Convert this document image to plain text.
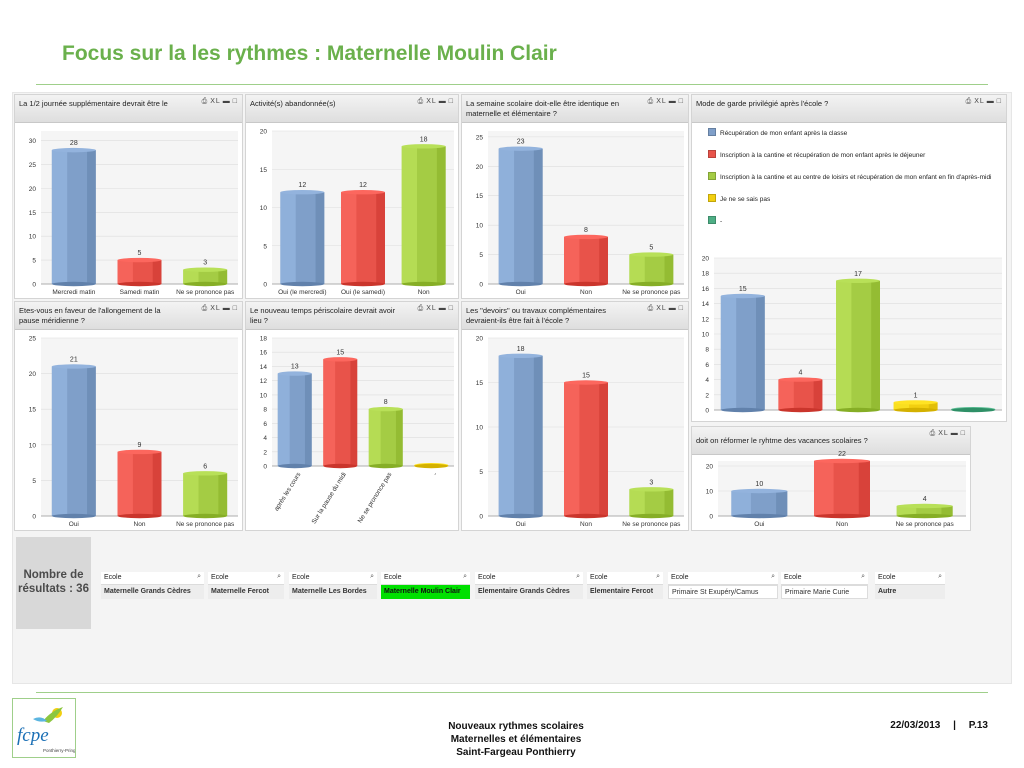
Focus sur la les rythmes : Maternelle Moulin Clair
La 1/2 journée supplémentaire devrait être le	⎙ XL ▬ □
0
5
10
15
20
25
30	28
Mercredi matin
5
Samedi matin
3
Ne se prononce pas
Activité(s) abandonnée(s)	⎙ XL ▬ □
0
5
10
15
20
12
Oui (le mercredi)
12
Oui (le samedi)
18
Non
La semaine scolaire doit-elle être identique en maternelle et élémentaire ?
⎙ XL ▬ □
0
5
10
15
20
25
23
Oui
8
Non
5
Ne se prononce pas
Mode de garde privilégié après l'école ?	⎙ XL ▬ □
Récupération de mon enfant après la classe
Inscription à la cantine et récupération de mon enfant après le déjeuner
Inscription à la cantine et au centre de loisirs et récupération de mon enfant en fin d'après-midi
Je ne se sais pas
-
0
2
4
6
8
10
12
14
16
18
20
15
4
17
1
Etes-vous en faveur de l'allongement de la pause méridienne ?
⎙ XL ▬ □
0
5
10
15
20
25
21
Oui
9
Non
6
Ne se prononce pas
Le nouveau temps périscolaire devrait avoir lieu ?
⎙ XL ▬ □
0
2
4
6
8
10
12
14
16
18
13
après les cours
15
Sur la pause du midi
8
Ne se prononce pas	-
Les "devoirs" ou travaux complémentaires devraient-ils être fait à l'école ?
⎙ XL ▬ □
0
5
10
15
20
18
Oui
15
Non
3
Ne se prononce pas
doit on réformer le ryhtme des vacances scolaires ?
⎙ XL ▬ □
0
10
20
10
Oui
22
Non
4
Ne se prononce pas
Nombre de résultats : 36
Ecole	⌕
Maternelle Grands Cèdres
Ecole	⌕
Maternelle Fercot
Ecole	⌕
Maternelle Les Bordes
Ecole	⌕
Maternelle Moulin Clair
Ecole	⌕
Elementaire Grands Cèdres
Ecole	⌕
Elementaire Fercot
Ecole	⌕
Primaire St Exupéry/Camus
Ecole	⌕
Primaire Marie Curie
Ecole	⌕
Autre
fcpe
Ponthierry-Pringy
Nouveaux rythmes scolaires
Maternelles et élémentaires
Saint-Fargeau Ponthierry
22/03/2013 | P.13
